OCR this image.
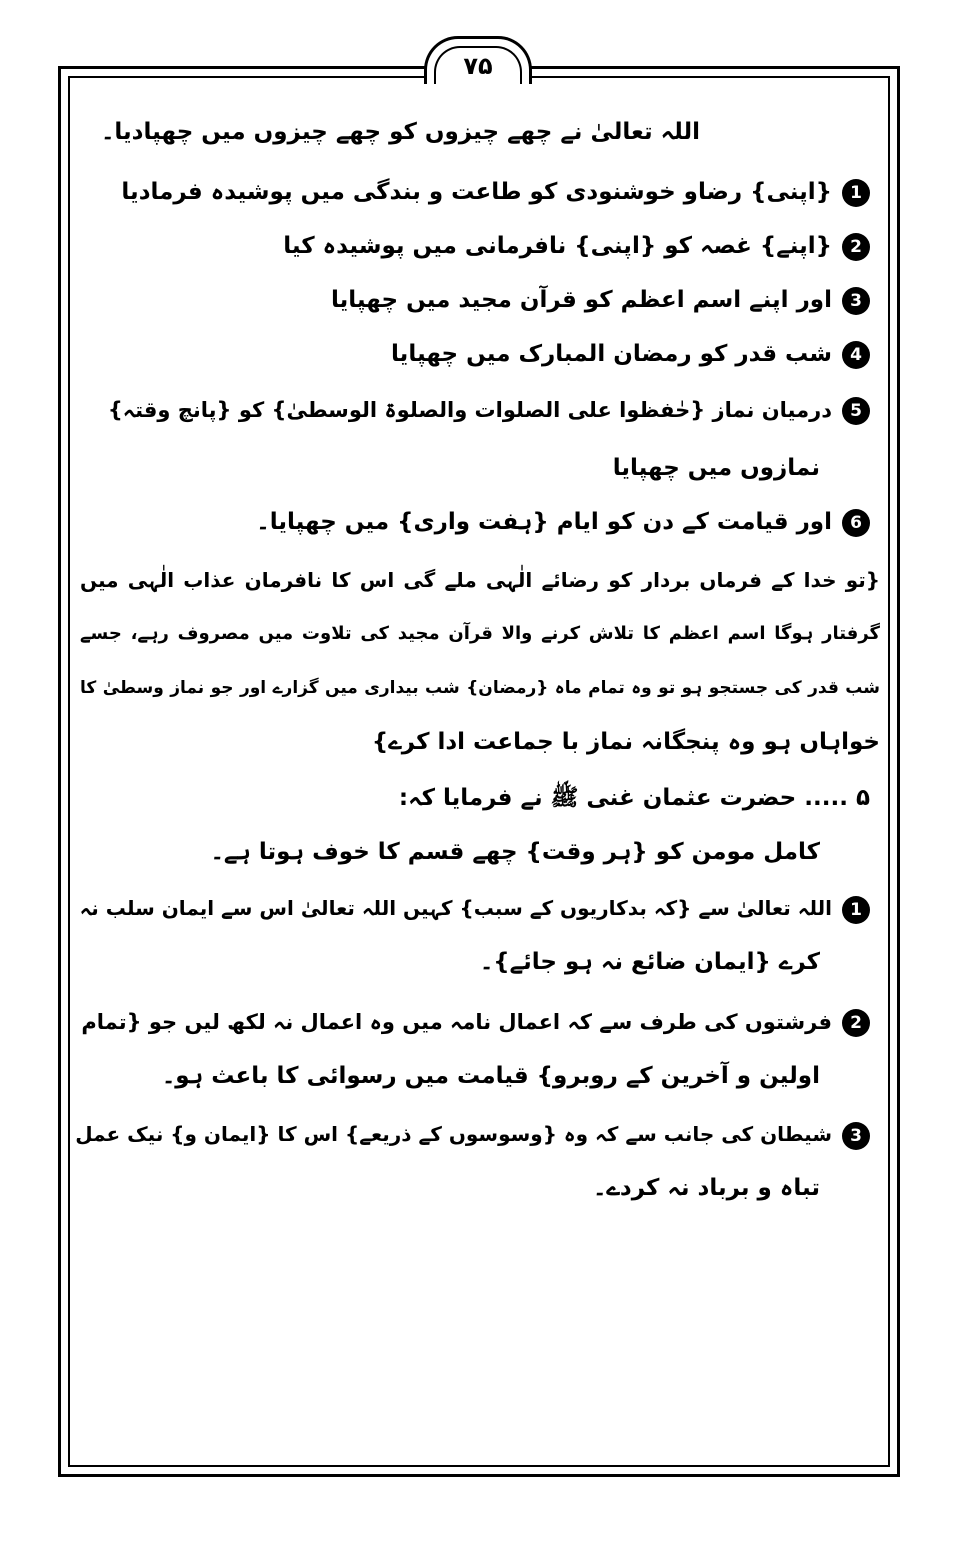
۷۵
اللہ تعالیٰ نے چھے چیزوں کو چھے چیزوں میں چھپادیا۔
1{اپنی} رضاو خوشنودی کو طاعت و بندگی میں پوشیدہ فرمادیا
2{اپنے} غصہ کو {اپنی} نافرمانی میں پوشیدہ کیا
3اور اپنے اسم اعظم کو قرآن مجید میں چھپایا
4شب قدر کو رمضان المبارک میں چھپایا
5درمیان نماز {حٰفظوا علی الصلوات والصلوۃ الوسطیٰ} کو {پانچ وقتہ}
نمازوں میں چھپایا
6اور قیامت کے دن کو ایام {ہفت واری} میں چھپایا۔
{تو خدا کے فرماں بردار کو رضائے الٰہی ملے گی اس کا نافرمان عذاب الٰہی میں
گرفتار ہوگا اسم اعظم کا تلاش کرنے والا قرآن مجید کی تلاوت میں مصروف رہے، جسے
شب قدر کی جستجو ہو تو وہ تمام ماہ {رمضان} شب بیداری میں گزارے اور جو نماز وسطیٰ کا
خواہاں ہو وہ پنجگانہ نماز با جماعت ادا کرے}
۵ ..... حضرت عثمان غنی ﷺ نے فرمایا کہ:
کامل مومن کو {ہر وقت} چھے قسم کا خوف ہوتا ہے۔
1اللہ تعالیٰ سے {کہ بدکاریوں کے سبب} کہیں اللہ تعالیٰ اس سے ایمان سلب نہ
کرے {ایمان ضائع نہ ہو جائے}۔
2فرشتوں کی طرف سے کہ اعمال نامہ میں وہ اعمال نہ لکھ لیں جو {تمام
اولین و آخرین کے روبرو} قیامت میں رسوائی کا باعث ہو۔
3شیطان کی جانب سے کہ وہ {وسوسوں کے ذریعے} اس کا {ایمان و} نیک عمل
تباہ و برباد نہ کردے۔
